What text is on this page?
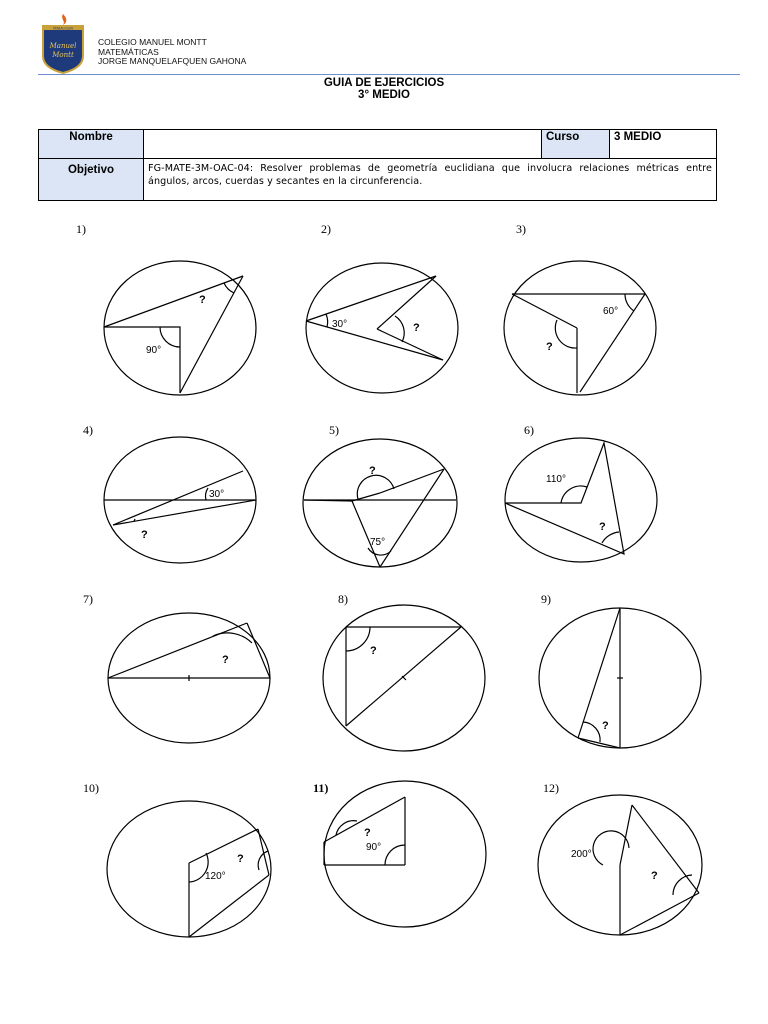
PENIALOLEN
Manuel
Montt
COLEGIO MANUEL MONTT
MATEMÁTICAS
JORGE MANQUELAFQUEN GAHONA
GUIA DE EJERCICIOS
3° MEDIO
Nombre		Curso	3 MEDIO
Objetivo	FG-MATE-3M-OAC-04: Resolver problemas de geometría euclidiana que involucra relaciones métricas entre ángulos, arcos, cuerdas y secantes en la circunferencia.		
1)	2)	3)
4)	5)	6)
7)	8)	9)
10)	11)	12)
?
90°
30°	?
60°
?
30°
?
?
75°
110°
?
?
?
?
120°
?
?
90°
200°
?
